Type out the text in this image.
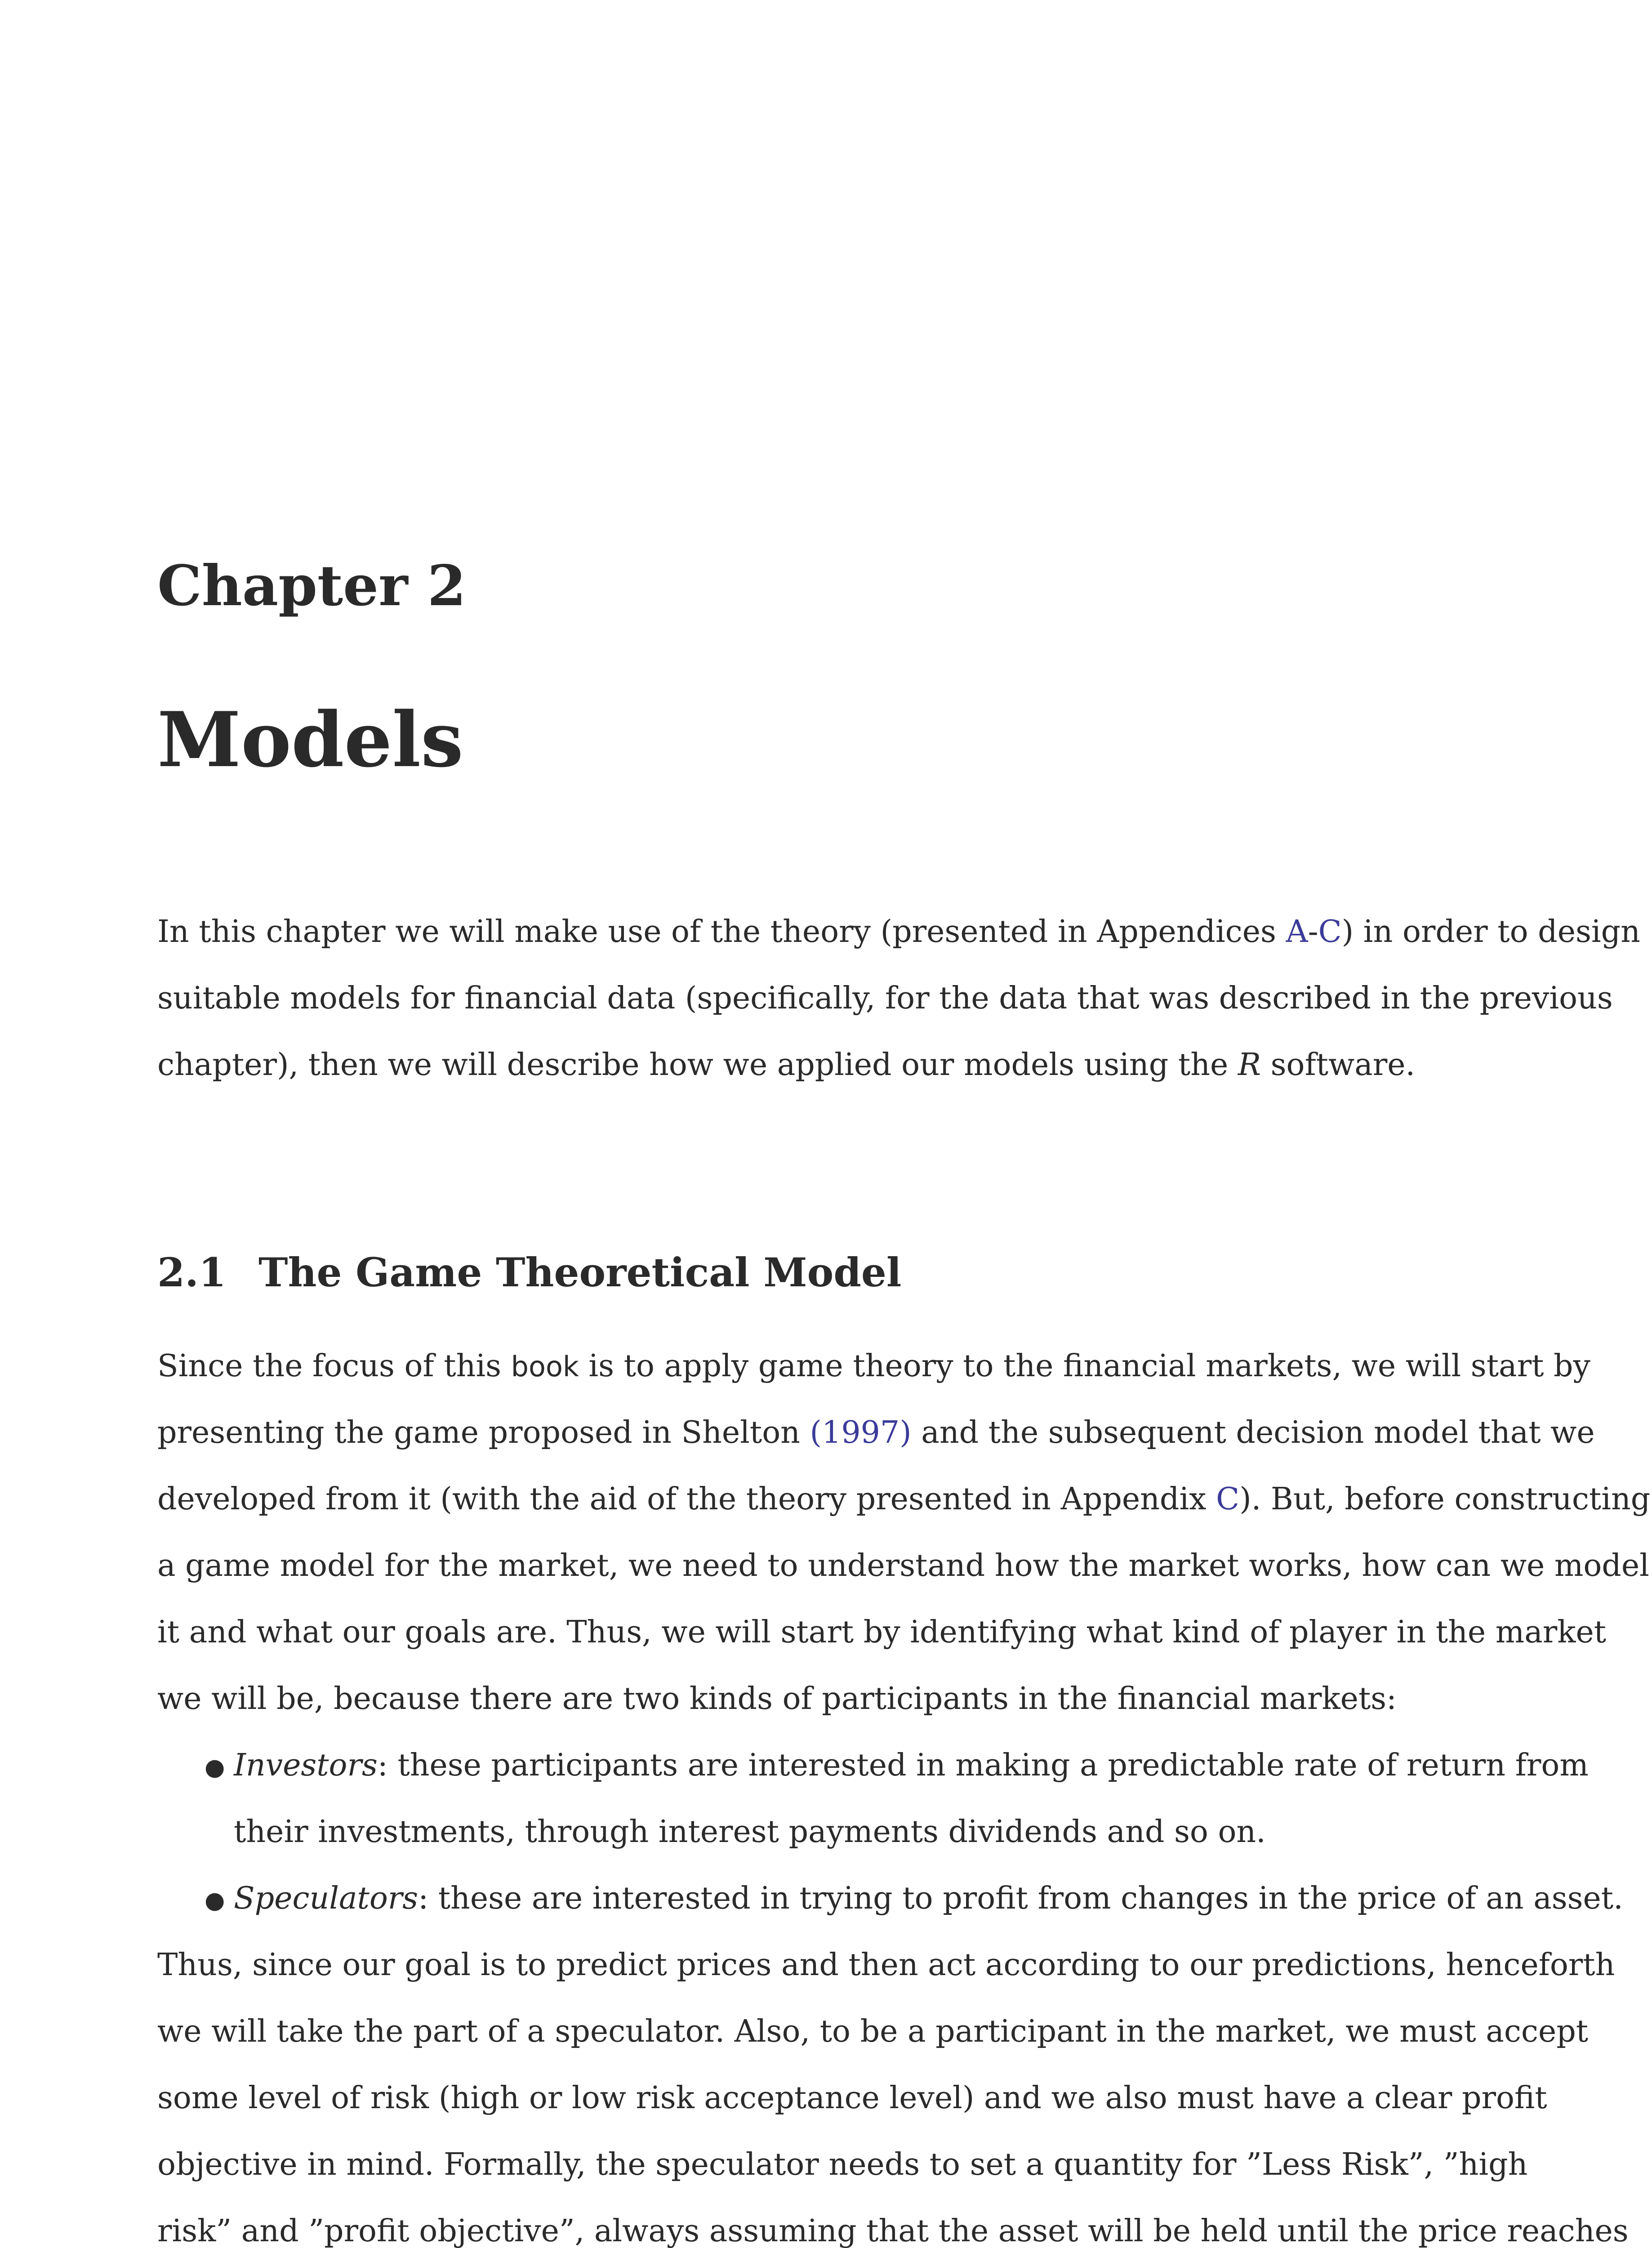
Chapter 2
Models
In this chapter we will make use of the theory (presented in Appendices A-C) in order to design
suitable models for financial data (specifically, for the data that was described in the previous
chapter), then we will describe how we applied our models using the R software.
2.1 The Game Theoretical Model
Since the focus of this book is to apply game theory to the financial markets, we will start by
presenting the game proposed in Shelton (1997) and the subsequent decision model that we
developed from it (with the aid of the theory presented in Appendix C). But, before constructing
a game model for the market, we need to understand how the market works, how can we model
it and what our goals are. Thus, we will start by identifying what kind of player in the market
we will be, because there are two kinds of participants in the financial markets:
● Investors: these participants are interested in making a predictable rate of return from
their investments, through interest payments dividends and so on.
● Speculators: these are interested in trying to profit from changes in the price of an asset.
Thus, since our goal is to predict prices and then act according to our predictions, henceforth
we will take the part of a speculator. Also, to be a participant in the market, we must accept
some level of risk (high or low risk acceptance level) and we also must have a clear profit
objective in mind. Formally, the speculator needs to set a quantity for ”Less Risk”, ”high
risk” and ”profit objective”, always assuming that the asset will be held until the price reaches
